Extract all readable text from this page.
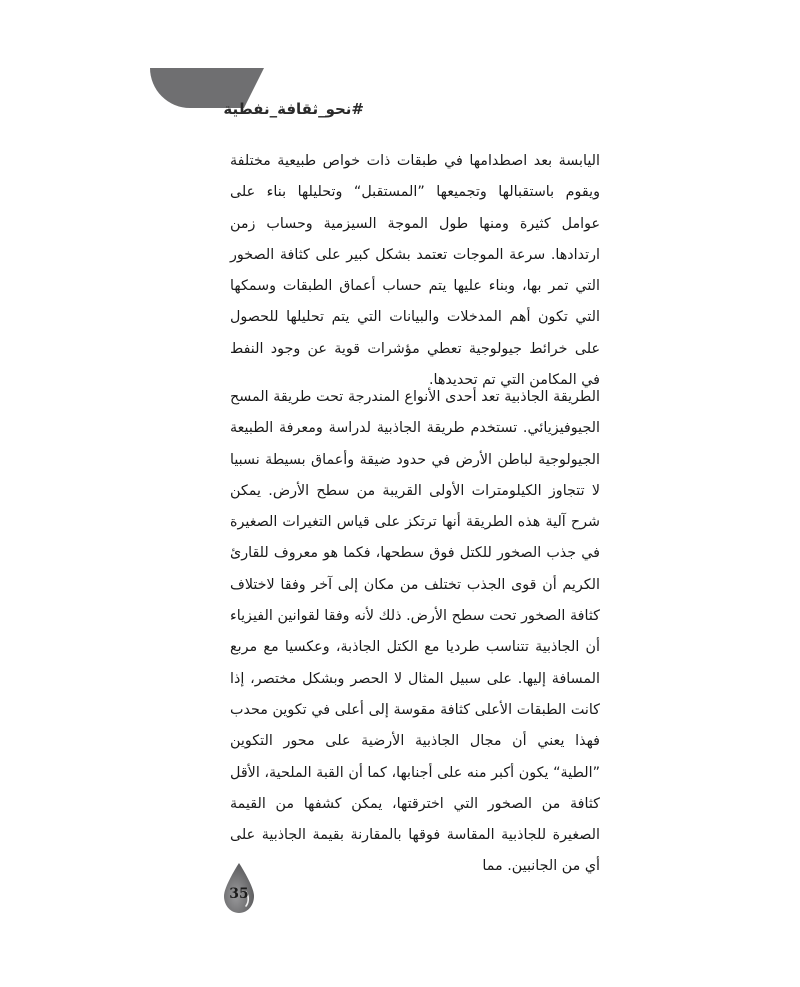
#نحو_ثقافة_نفطية

اليابسة بعد اصطدامها في طبقات ذات خواص طبيعية مختلفة ويقوم باستقبالها وتجميعها ”المستقبل“ وتحليلها بناء على عوامل كثيرة ومنها طول الموجة السيزمية وحساب زمن ارتدادها. سرعة الموجات تعتمد بشكل كبير على كثافة الصخور التي تمر بها، وبناء عليها يتم حساب أعماق الطبقات وسمكها التي تكون أهم المدخلات والبيانات التي يتم تحليلها للحصول على خرائط جيولوجية تعطي مؤشرات قوية عن وجود النفط في المكامن التي تم تحديدها.

الطريقة الجاذبية تعد أحدى الأنواع المندرجة تحت طريقة المسح الجيوفيزيائي. تستخدم طريقة الجاذبية لدراسة ومعرفة الطبيعة الجيولوجية لباطن الأرض في حدود ضيقة وأعماق بسيطة نسبيا لا تتجاوز الكيلومترات الأولى القريبة من سطح الأرض. يمكن شرح آلية هذه الطريقة أنها ترتكز على قياس التغيرات الصغيرة في جذب الصخور للكتل فوق سطحها، فكما هو معروف للقارئ الكريم أن قوى الجذب تختلف من مكان إلى آخر وفقا لاختلاف كثافة الصخور تحت سطح الأرض. ذلك لأنه وفقا لقوانين الفيزياء أن الجاذبية تتناسب طرديا مع الكتل الجاذبة، وعكسيا مع مربع المسافة إليها. على سبيل المثال لا الحصر وبشكل مختصر، إذا كانت الطبقات الأعلى كثافة مقوسة إلى أعلى في تكوين محدب فهذا يعني أن مجال الجاذبية الأرضية على محور التكوين ”الطية“ يكون أكبر منه على أجنابها، كما أن القبة الملحية، الأقل كثافة من الصخور التي اخترقتها، يمكن كشفها من القيمة الصغيرة للجاذبية المقاسة فوقها بالمقارنة بقيمة الجاذبية على أي من الجانبين. مما

35
